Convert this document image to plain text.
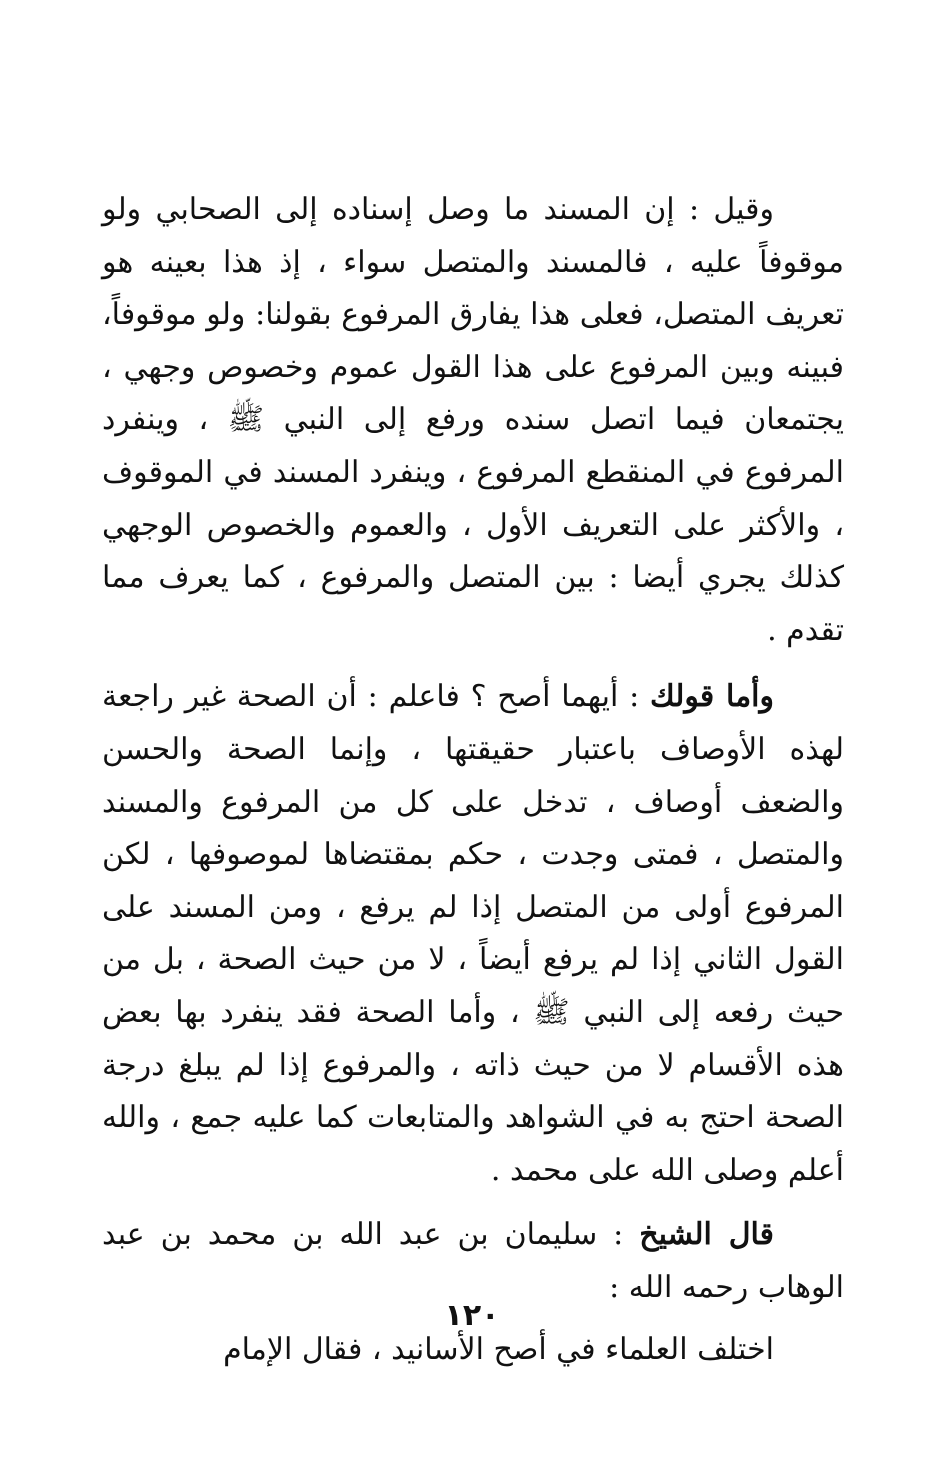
وقيل : إن المسند ما وصل إسناده إلى الصحابي ولو موقوفاً عليه ، فالمسند والمتصل سواء ، إذ هذا بعينه هو تعريف المتصل، فعلى هذا يفارق المرفوع بقولنا: ولو موقوفاً، فبينه وبين المرفوع على هذا القول عموم وخصوص وجهي ، يجتمعان فيما اتصل سنده ورفع إلى النبي ﷺ ، وينفرد المرفوع في المنقطع المرفوع ، وينفرد المسند في الموقوف ، والأكثر على التعريف الأول ، والعموم والخصوص الوجهي كذلك يجري أيضا : بين المتصل والمرفوع ، كما يعرف مما تقدم .

وأما قولك : أيهما أصح ؟ فاعلم : أن الصحة غير راجعة لهذه الأوصاف باعتبار حقيقتها ، وإنما الصحة والحسن والضعف أوصاف ، تدخل على كل من المرفوع والمسند والمتصل ، فمتى وجدت ، حكم بمقتضاها لموصوفها ، لكن المرفوع أولى من المتصل إذا لم يرفع ، ومن المسند على القول الثاني إذا لم يرفع أيضاً ، لا من حيث الصحة ، بل من حيث رفعه إلى النبي ﷺ ، وأما الصحة فقد ينفرد بها بعض هذه الأقسام لا من حيث ذاته ، والمرفوع إذا لم يبلغ درجة الصحة احتج به في الشواهد والمتابعات كما عليه جمع ، والله أعلم وصلى الله على محمد .

قال الشيخ : سليمان بن عبد الله بن محمد بن عبد الوهاب رحمه الله :

اختلف العلماء في أصح الأسانيد ، فقال الإمام

١٢٠
